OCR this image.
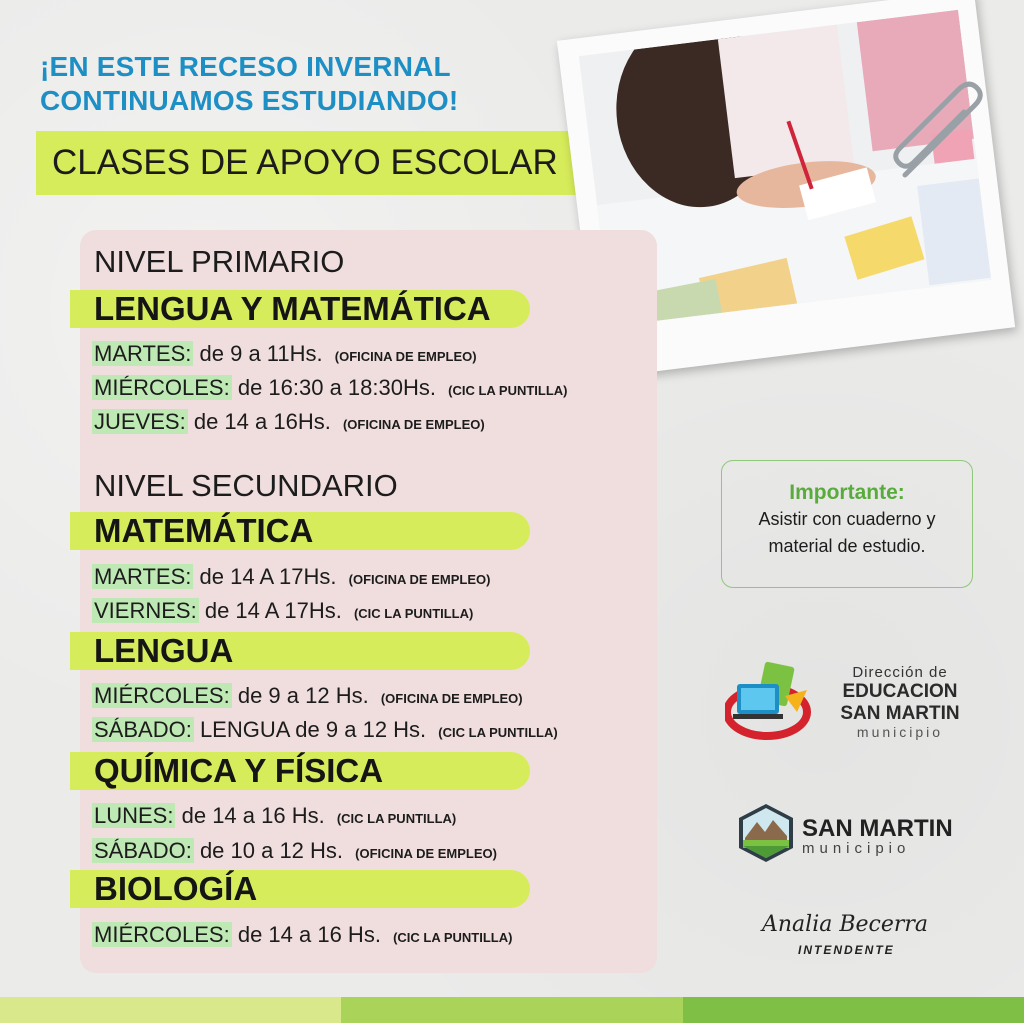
¡EN ESTE RECESO INVERNAL
CONTINUAMOS ESTUDIANDO!
CLASES DE APOYO ESCOLAR
NIVEL PRIMARIO
LENGUA Y MATEMÁTICA
MARTES: de 9 a 11Hs. (OFICINA DE EMPLEO)
MIÉRCOLES: de 16:30 a 18:30Hs. (CIC LA PUNTILLA)
JUEVES: de 14 a 16Hs. (OFICINA DE EMPLEO)
NIVEL SECUNDARIO
MATEMÁTICA
MARTES: de 14 A 17Hs. (OFICINA DE EMPLEO)
VIERNES: de 14 A 17Hs. (CIC LA PUNTILLA)
LENGUA
MIÉRCOLES: de 9 a 12 Hs. (OFICINA DE EMPLEO)
SÁBADO: LENGUA de 9 a 12 Hs. (CIC LA PUNTILLA)
QUÍMICA Y FÍSICA
LUNES: de 14 a 16 Hs. (CIC LA PUNTILLA)
SÁBADO: de 10 a 12 Hs. (OFICINA DE EMPLEO)
BIOLOGÍA
MIÉRCOLES: de 14 a 16 Hs. (CIC LA PUNTILLA)
Importante:
Asistir con cuaderno y
material de estudio.
Dirección de
EDUCACION
SAN MARTIN
municipio
SAN MARTIN
municipio
Analia Becerra
INTENDENTE
